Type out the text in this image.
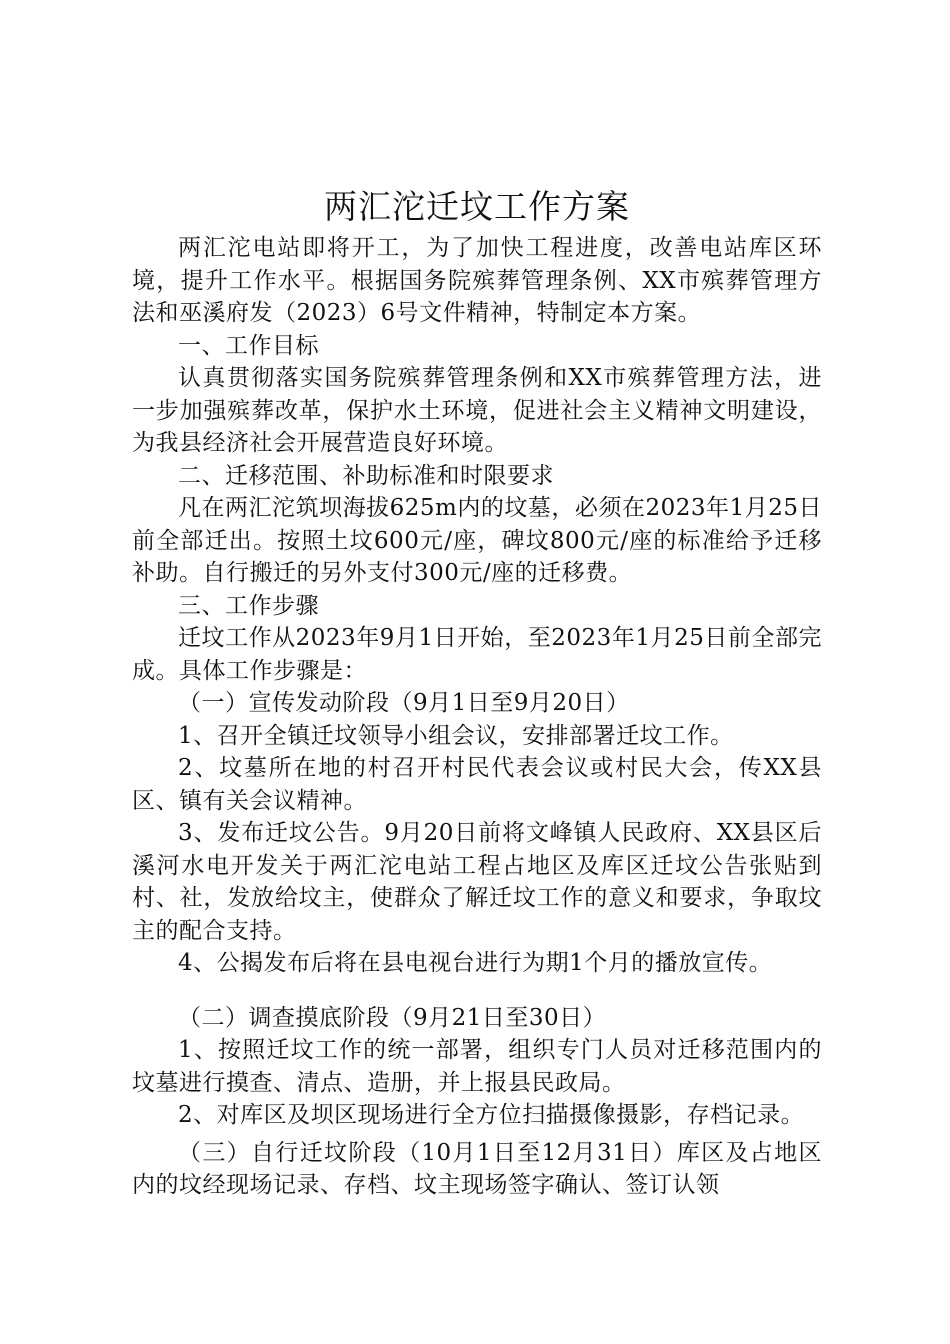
两汇沱迁坟工作方案

两汇沱电站即将开工，为了加快工程进度，改善电站库区环境，提升工作水平。根据国务院殡葬管理条例、XX市殡葬管理方法和巫溪府发（2023）6号文件精神，特制定本方案。

一、工作目标

认真贯彻落实国务院殡葬管理条例和XX市殡葬管理方法，进一步加强殡葬改革，保护水土环境，促进社会主义精神文明建设，为我县经济社会开展营造良好环境。

二、迁移范围、补助标准和时限要求

凡在两汇沱筑坝海拔625m内的坟墓，必须在2023年1月25日前全部迁出。按照土坟600元/座，碑坟800元/座的标准给予迁移补助。自行搬迁的另外支付300元/座的迁移费。

三、工作步骤

迁坟工作从2023年9月1日开始，至2023年1月25日前全部完成。具体工作步骤是：

（一）宣传发动阶段（9月1日至9月20日）

1、召开全镇迁坟领导小组会议，安排部署迁坟工作。

2、坟墓所在地的村召开村民代表会议或村民大会，传XX县区、镇有关会议精神。

3、发布迁坟公告。9月20日前将文峰镇人民政府、XX县区后溪河水电开发关于两汇沱电站工程占地区及库区迁坟公告张贴到村、社，发放给坟主，使群众了解迁坟工作的意义和要求，争取坟主的配合支持。

4、公揭发布后将在县电视台进行为期1个月的播放宣传。

（二）调查摸底阶段（9月21日至30日）

1、按照迁坟工作的统一部署，组织专门人员对迁移范围内的坟墓进行摸查、清点、造册，并上报县民政局。

2、对库区及坝区现场进行全方位扫描摄像摄影，存档记录。

（三）自行迁坟阶段（10月1日至12月31日）库区及占地区内的坟经现场记录、存档、坟主现场签字确认、签订认领
